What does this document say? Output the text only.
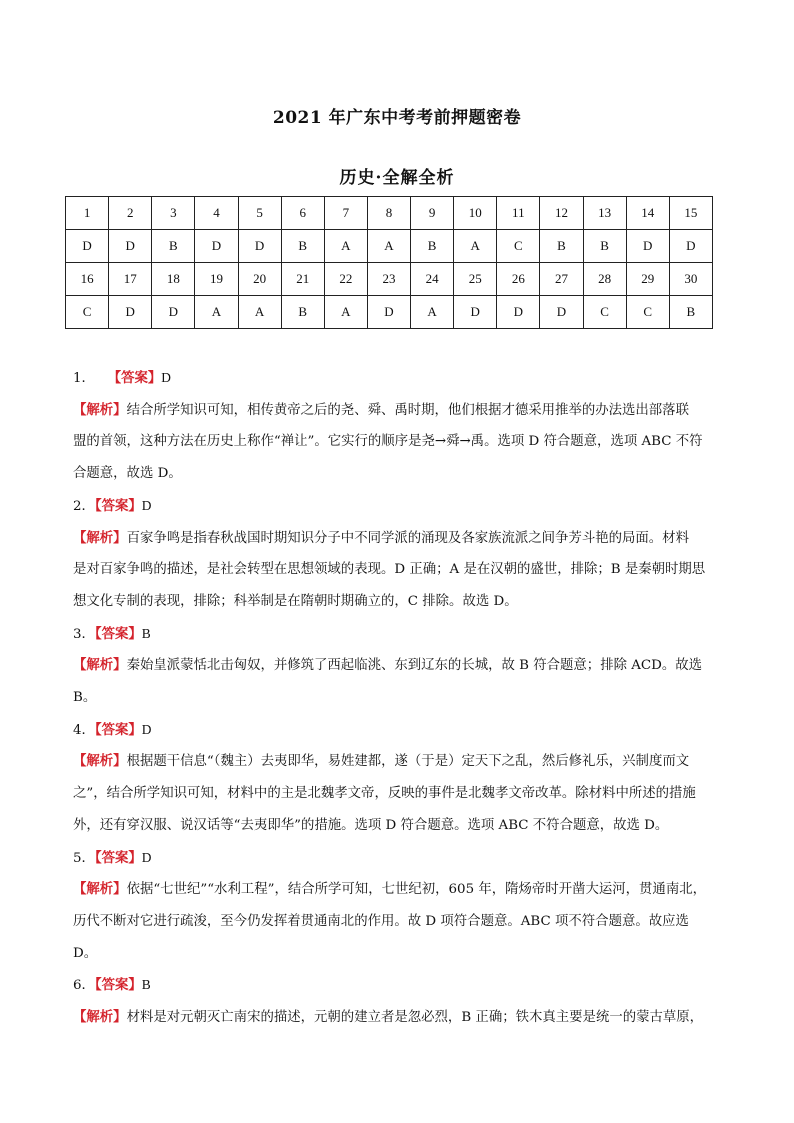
2021 年广东中考考前押题密卷
历史·全解全析
1	2	3	4	5	6	7	8	9	10	11	12	13	14	15
D	D	B	D	D	B	A	A	B	A	C	B	B	D	D
16	17	18	19	20	21	22	23	24	25	26	27	28	29	30
C	D	D	A	A	B	A	D	A	D	D	D	C	C	B
1． 【答案】D
【解析】结合所学知识可知，相传黄帝之后的尧、舜、禹时期，他们根据才德采用推举的办法选出部落联
盟的首领，这种方法在历史上称作“禅让”。它实行的顺序是尧→舜→禹。选项 D 符合题意，选项 ABC 不符
合题意，故选 D。
2．【答案】D
【解析】百家争鸣是指春秋战国时期知识分子中不同学派的涌现及各家族流派之间争芳斗艳的局面。材料
是对百家争鸣的描述，是社会转型在思想领域的表现。D 正确；A 是在汉朝的盛世，排除；B 是秦朝时期思
想文化专制的表现，排除；科举制是在隋朝时期确立的，C 排除。故选 D。
3．【答案】B
【解析】秦始皇派蒙恬北击匈奴，并修筑了西起临洮、东到辽东的长城，故 B 符合题意；排除 ACD。故选
B。
4．【答案】D
【解析】根据题干信息“（魏主）去夷即华，易姓建都，遂（于是）定天下之乱，然后修礼乐，兴制度而文
之”，结合所学知识可知，材料中的主是北魏孝文帝，反映的事件是北魏孝文帝改革。除材料中所述的措施
外，还有穿汉服、说汉话等“去夷即华”的措施。选项 D 符合题意。选项 ABC 不符合题意，故选 D。
5．【答案】D
【解析】依据“七世纪”“水利工程”，结合所学可知，七世纪初，605 年，隋炀帝时开凿大运河，贯通南北，
历代不断对它进行疏浚，至今仍发挥着贯通南北的作用。故 D 项符合题意。ABC 项不符合题意。故应选
D。
6．【答案】B
【解析】材料是对元朝灭亡南宋的描述，元朝的建立者是忽必烈，B 正确；铁木真主要是统一的蒙古草原，
